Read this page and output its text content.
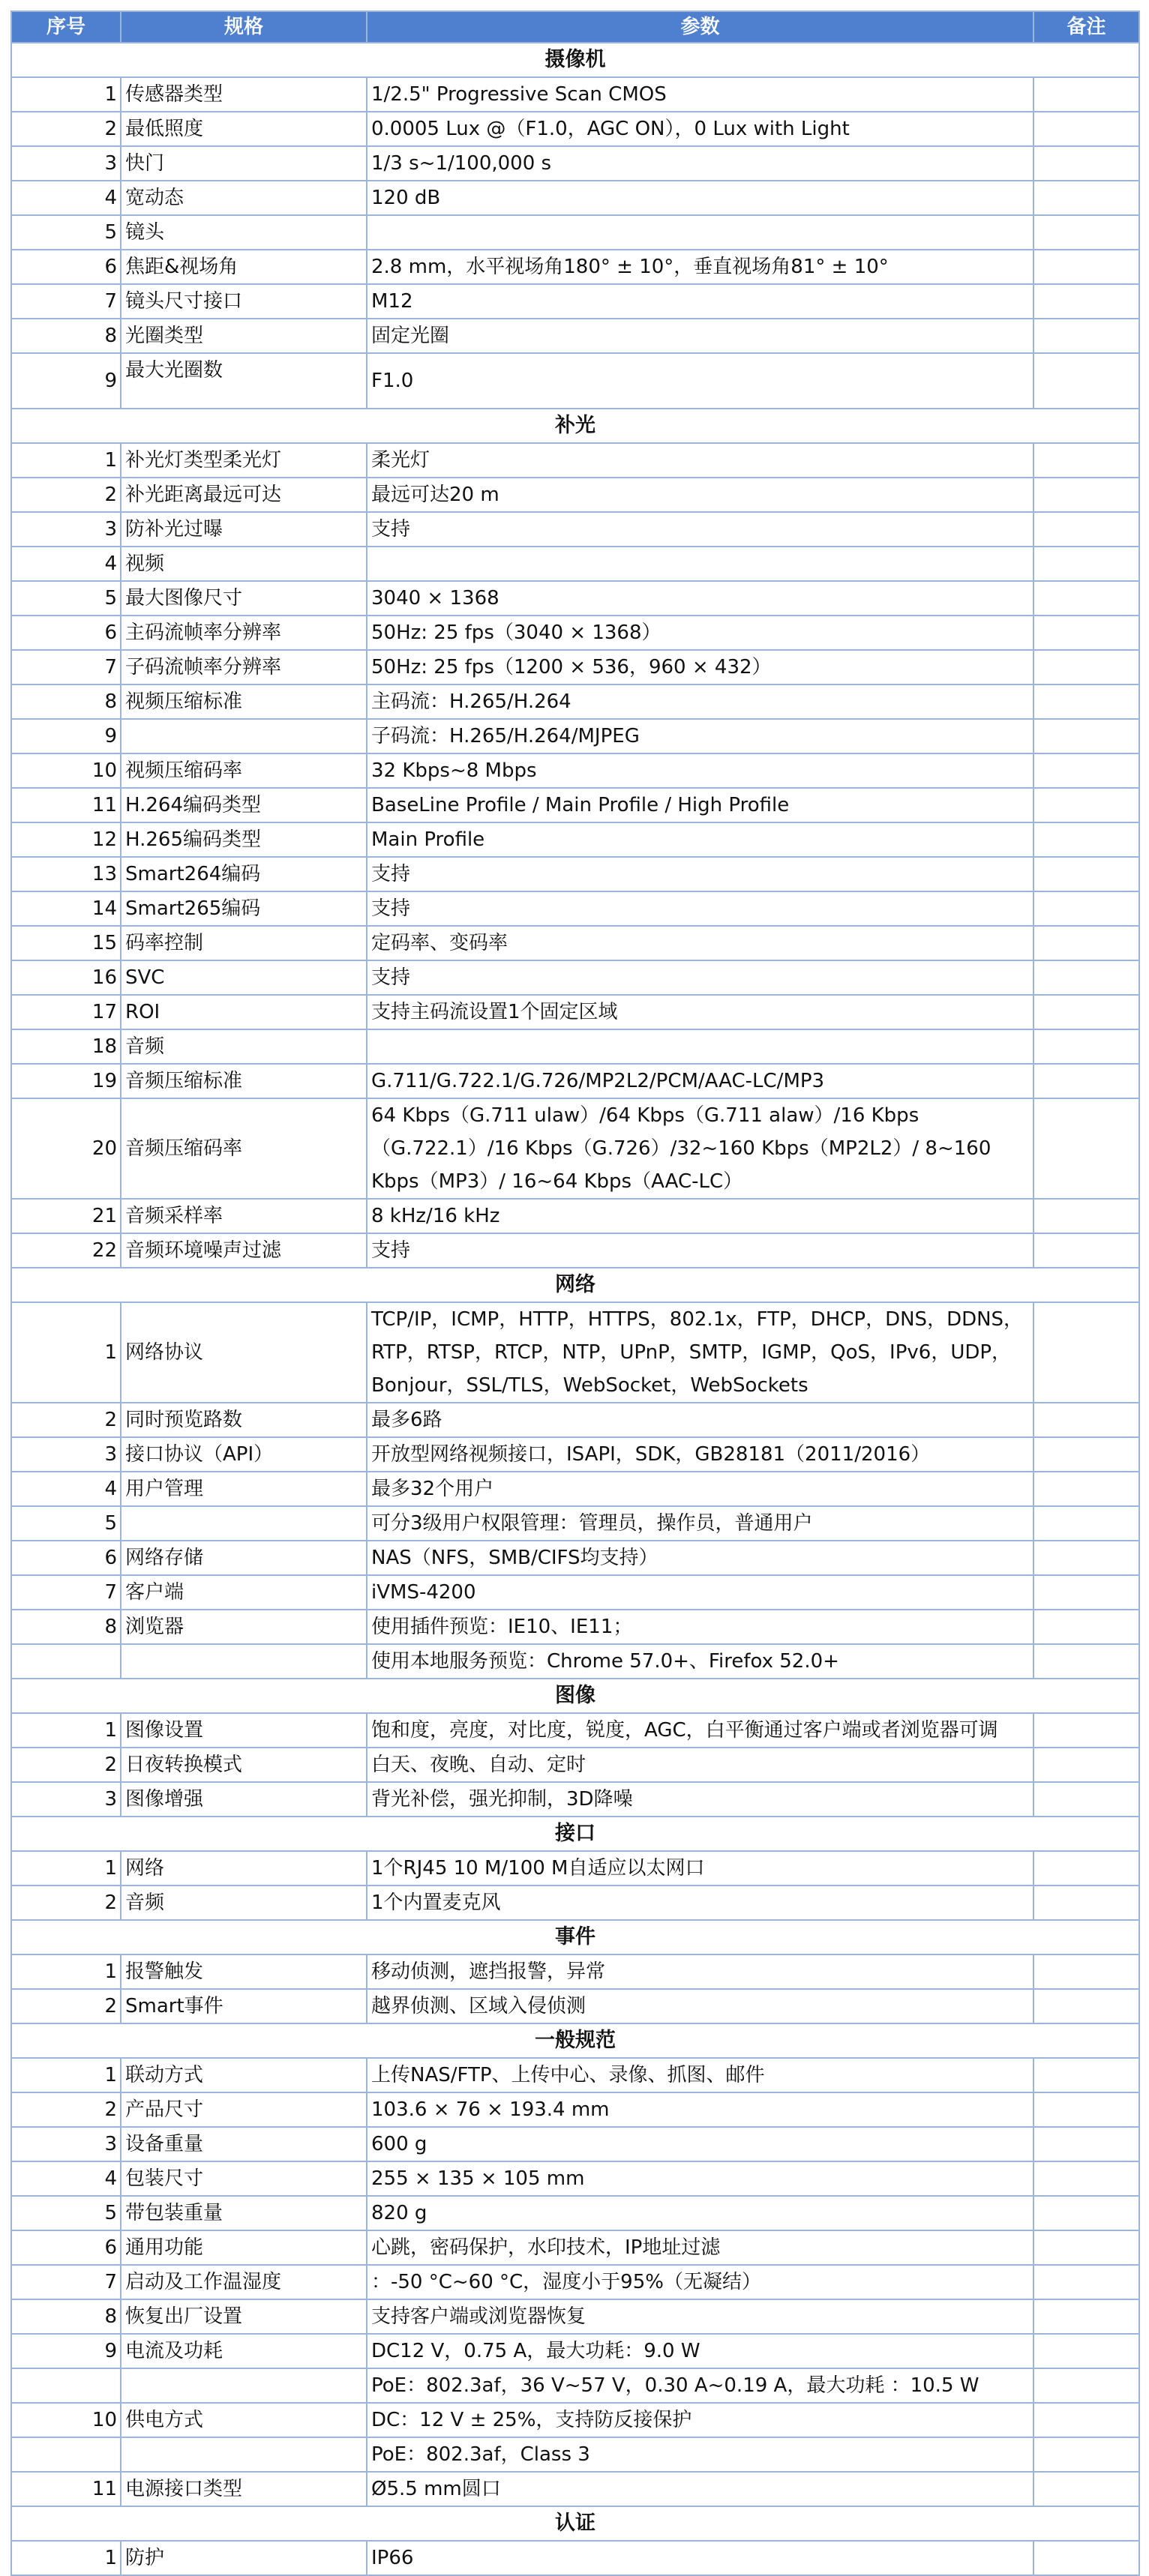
序号	规格	参数	备注
摄像机			
1	传感器类型	1/2.5" Progressive Scan CMOS	
2	最低照度	0.0005 Lux @（F1.0，AGC ON），0 Lux with Light	
3	快门	1/3 s~1/100,000 s	
4	宽动态	120 dB	
5	镜头		
6	焦距&视场角	2.8 mm，水平视场角180° ± 10°，垂直视场角81° ± 10°	
7	镜头尺寸接口	M12	
8	光圈类型	固定光圈	
9	最大光圈数	F1.0	
补光			
1	补光灯类型柔光灯	柔光灯	
2	补光距离最远可达	最远可达20 m	
3	防补光过曝	支持	
4	视频		
5	最大图像尺寸	3040 × 1368	
6	主码流帧率分辨率	50Hz: 25 fps（3040 × 1368）	
7	子码流帧率分辨率	50Hz: 25 fps（1200 × 536，960 × 432）	
8	视频压缩标准	主码流：H.265/H.264	
9		子码流：H.265/H.264/MJPEG	
10	视频压缩码率	32 Kbps~8 Mbps	
11	H.264编码类型	BaseLine Profile / Main Profile / High Profile	
12	H.265编码类型	Main Profile	
13	Smart264编码	支持	
14	Smart265编码	支持	
15	码率控制	定码率、变码率	
16	SVC	支持	
17	ROI	支持主码流设置1个固定区域	
18	音频		
19	音频压缩标准	G.711/G.722.1/G.726/MP2L2/PCM/AAC-LC/MP3	
20	音频压缩码率	64 Kbps（G.711 ulaw）/64 Kbps（G.711 alaw）/16 Kbps（G.722.1）/16 Kbps（G.726）/32~160 Kbps（MP2L2）/ 8~160 Kbps（MP3）/ 16~64 Kbps（AAC-LC）	
21	音频采样率	8 kHz/16 kHz	
22	音频环境噪声过滤	支持	
网络			
1	网络协议	TCP/IP，ICMP，HTTP，HTTPS，802.1x，FTP，DHCP，DNS，DDNS，RTP，RTSP，RTCP，NTP，UPnP，SMTP，IGMP，QoS，IPv6，UDP，Bonjour，SSL/TLS，WebSocket，WebSockets	
2	同时预览路数	最多6路	
3	接口协议（API）	开放型网络视频接口，ISAPI，SDK，GB28181（2011/2016）	
4	用户管理	最多32个用户	
5		可分3级用户权限管理：管理员，操作员，普通用户	
6	网络存储	NAS（NFS，SMB/CIFS均支持）	
7	客户端	iVMS-4200	
8	浏览器	使用插件预览：IE10、IE11；	
		使用本地服务预览：Chrome 57.0+、Firefox 52.0+	
图像			
1	图像设置	饱和度，亮度，对比度，锐度，AGC，白平衡通过客户端或者浏览器可调	
2	日夜转换模式	白天、夜晚、自动、定时	
3	图像增强	背光补偿，强光抑制，3D降噪	
接口			
1	网络	1个RJ45 10 M/100 M自适应以太网口	
2	音频	1个内置麦克风	
事件			
1	报警触发	移动侦测，遮挡报警，异常	
2	Smart事件	越界侦测、区域入侵侦测	
一般规范			
1	联动方式	上传NAS/FTP、上传中心、录像、抓图、邮件	
2	产品尺寸	103.6 × 76 × 193.4 mm	
3	设备重量	600 g	
4	包装尺寸	255 × 135 × 105 mm	
5	带包装重量	820 g	
6	通用功能	心跳，密码保护，水印技术，IP地址过滤	
7	启动及工作温湿度	：-50 °C~60 °C，湿度小于95%（无凝结）	
8	恢复出厂设置	支持客户端或浏览器恢复	
9	电流及功耗	DC12 V，0.75 A，最大功耗：9.0 W	
		PoE：802.3af，36 V~57 V，0.30 A~0.19 A，最大功耗 ：10.5 W	
10	供电方式	DC：12 V ± 25%，支持防反接保护	
		PoE：802.3af，Class 3	
11	电源接口类型	Ø5.5 mm圆口	
认证			
1	防护	IP66	
